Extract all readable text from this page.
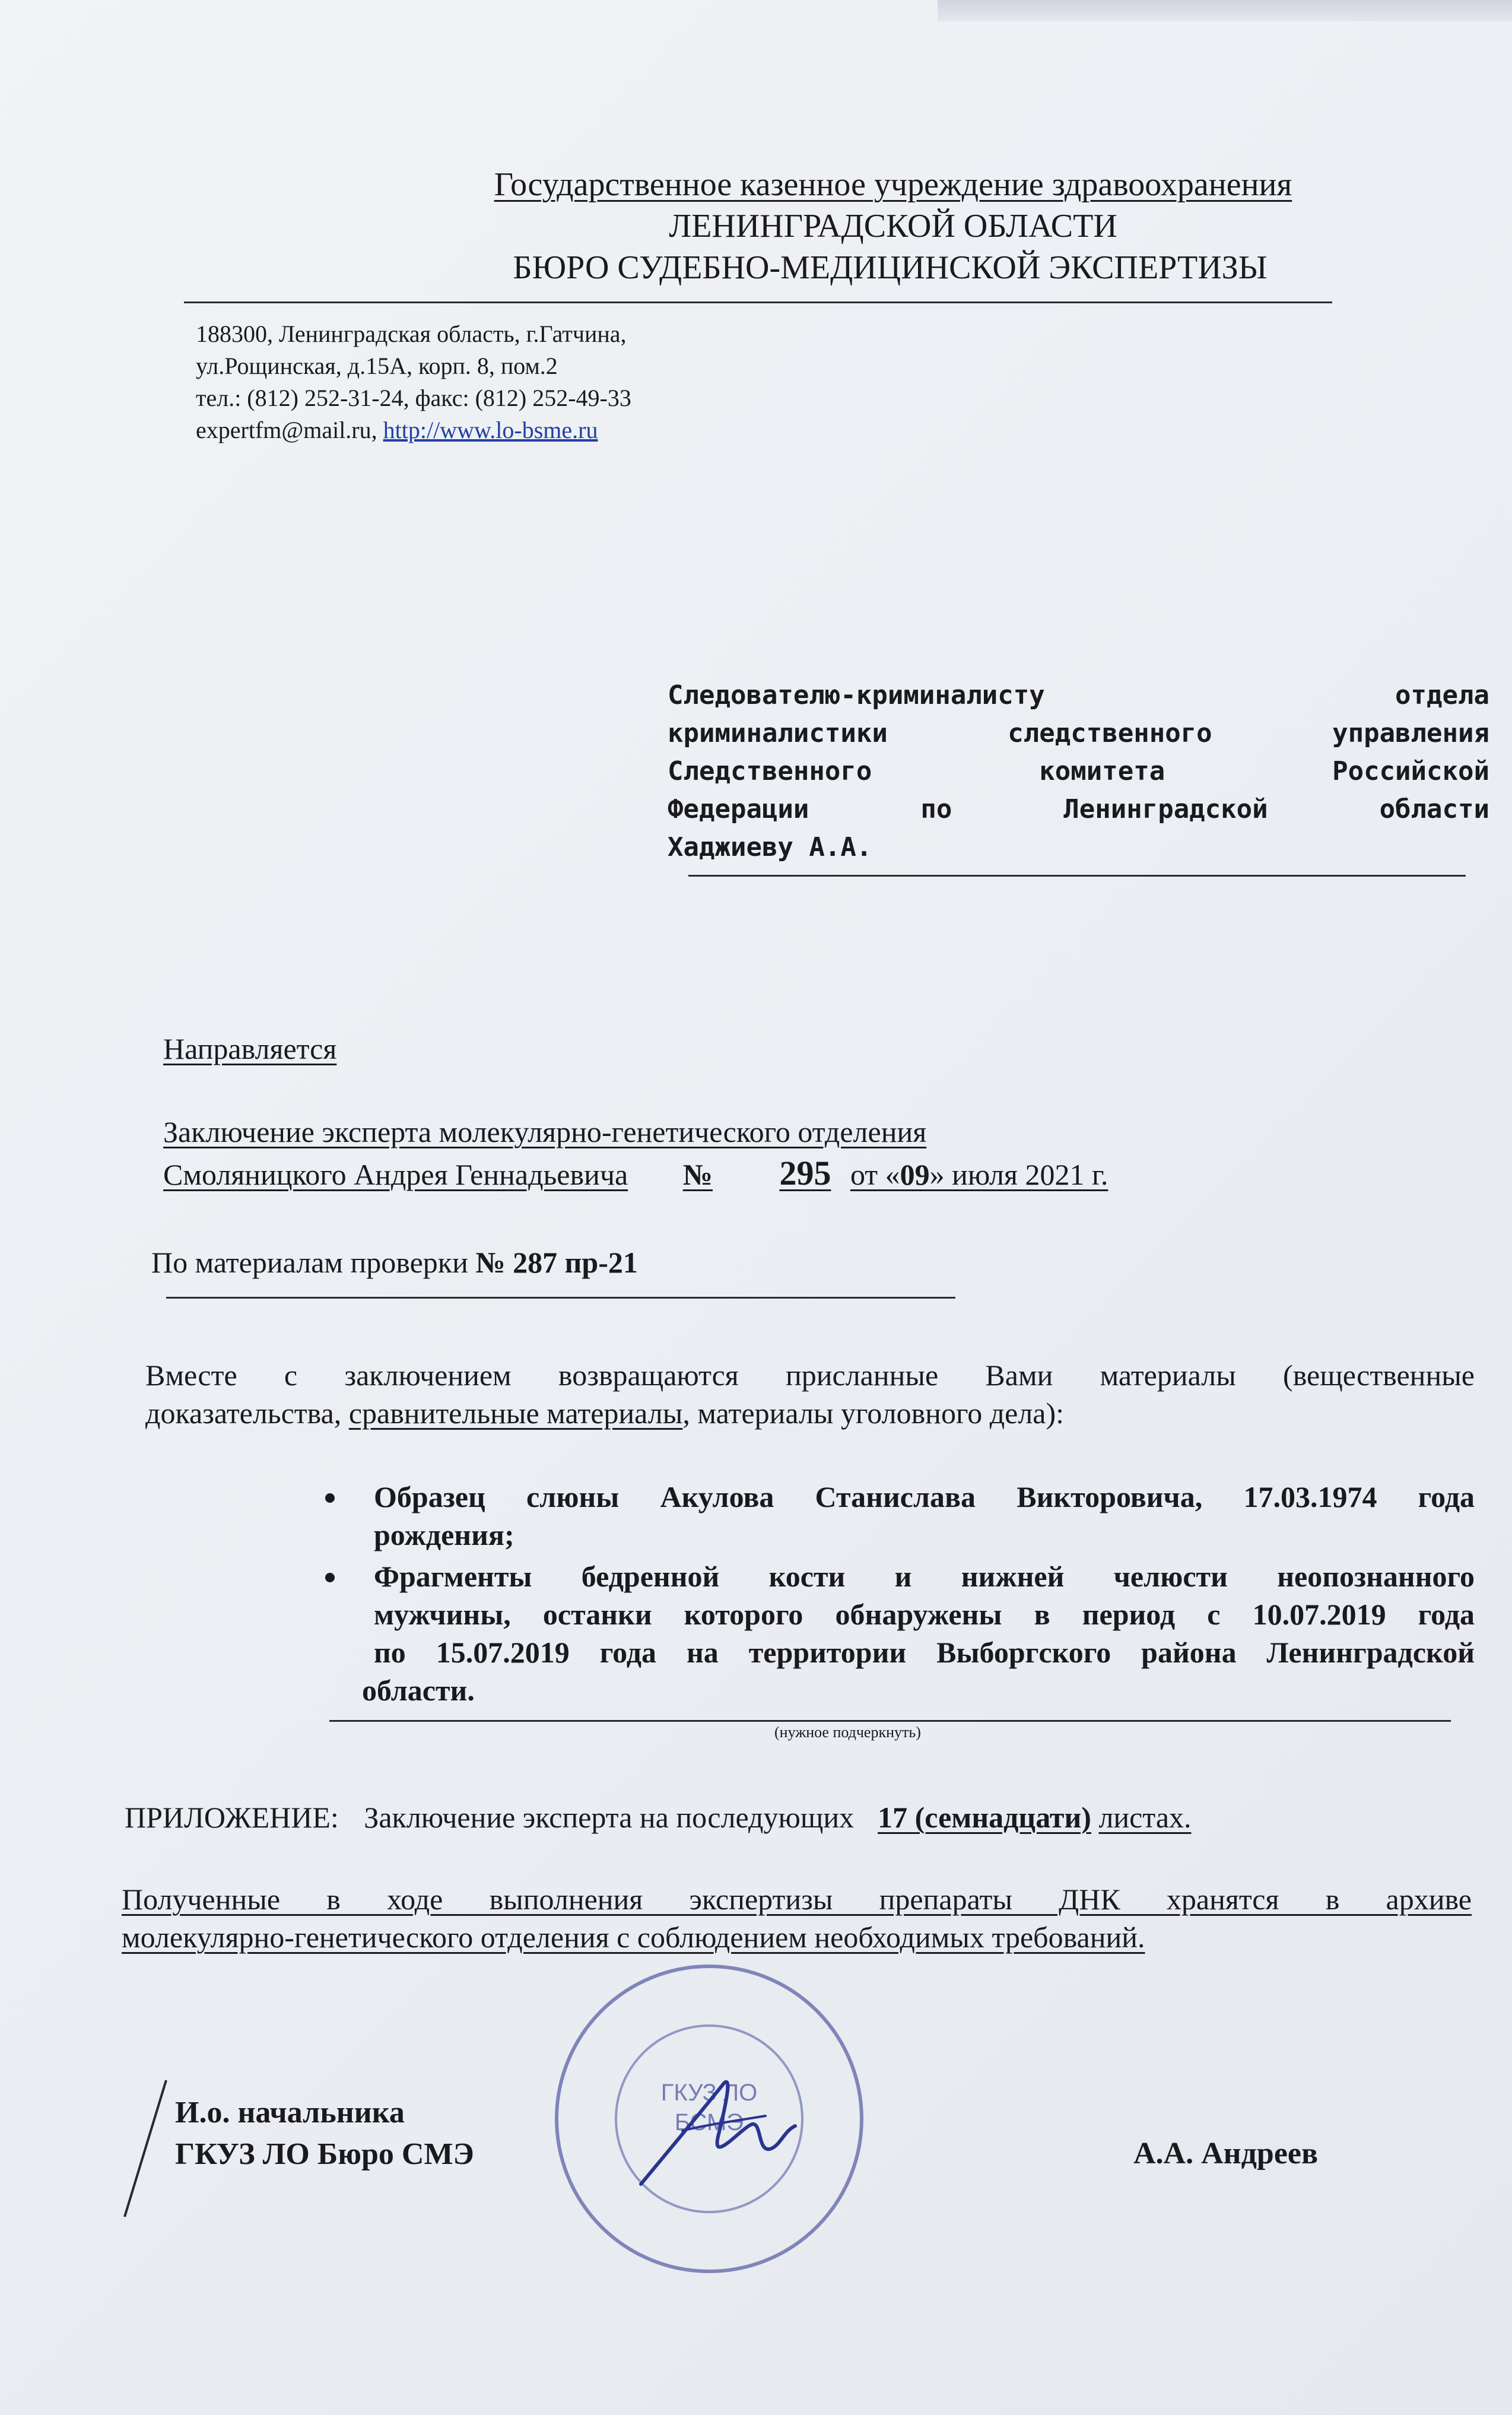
Государственное казенное учреждение здравоохранения
ЛЕНИНГРАДСКОЙ ОБЛАСТИ
БЮРО СУДЕБНО-МЕДИЦИНСКОЙ ЭКСПЕРТИЗЫ
188300, Ленинградская область, г.Гатчина,
ул.Рощинская, д.15А, корп. 8, пом.2
тел.: (812) 252-31-24, факс: (812) 252-49-33
expertfm@mail.ru, http://www.lo-bsme.ru
Следователю-криминалисту отдела
криминалистики следственного управления
Следственного комитета Российской
Федерации по Ленинградской области
Хаджиеву А.А.
Направляется
Заключение эксперта молекулярно-генетического отделения
Смоляницкого Андрея Геннадьевича № 295 от «09» июля 2021 г.
По материалам проверки № 287 пр-21
Вместе с заключением возвращаются присланные Вами материалы (вещественные
доказательства, сравнительные материалы, материалы уголовного дела):
Образец слюны Акулова Станислава Викторовича, 17.03.1974 года
рождения;
Фрагменты бедренной кости и нижней челюсти неопознанного
мужчины, останки которого обнаружены в период с 10.07.2019 года
по 15.07.2019 года на территории Выборгского района Ленинградской
области.
(нужное подчеркнуть)
ПРИЛОЖЕНИЕ: Заключение эксперта на последующих 17 (семнадцати) листах.
Полученные в ходе выполнения экспертизы препараты ДНК хранятся в архиве
молекулярно-генетического отделения с соблюдением необходимых требований.
И.о. начальника
ГКУЗ ЛО Бюро СМЭ	А.А. Андреев
ГКУЗ ЛО
БСМЭ
